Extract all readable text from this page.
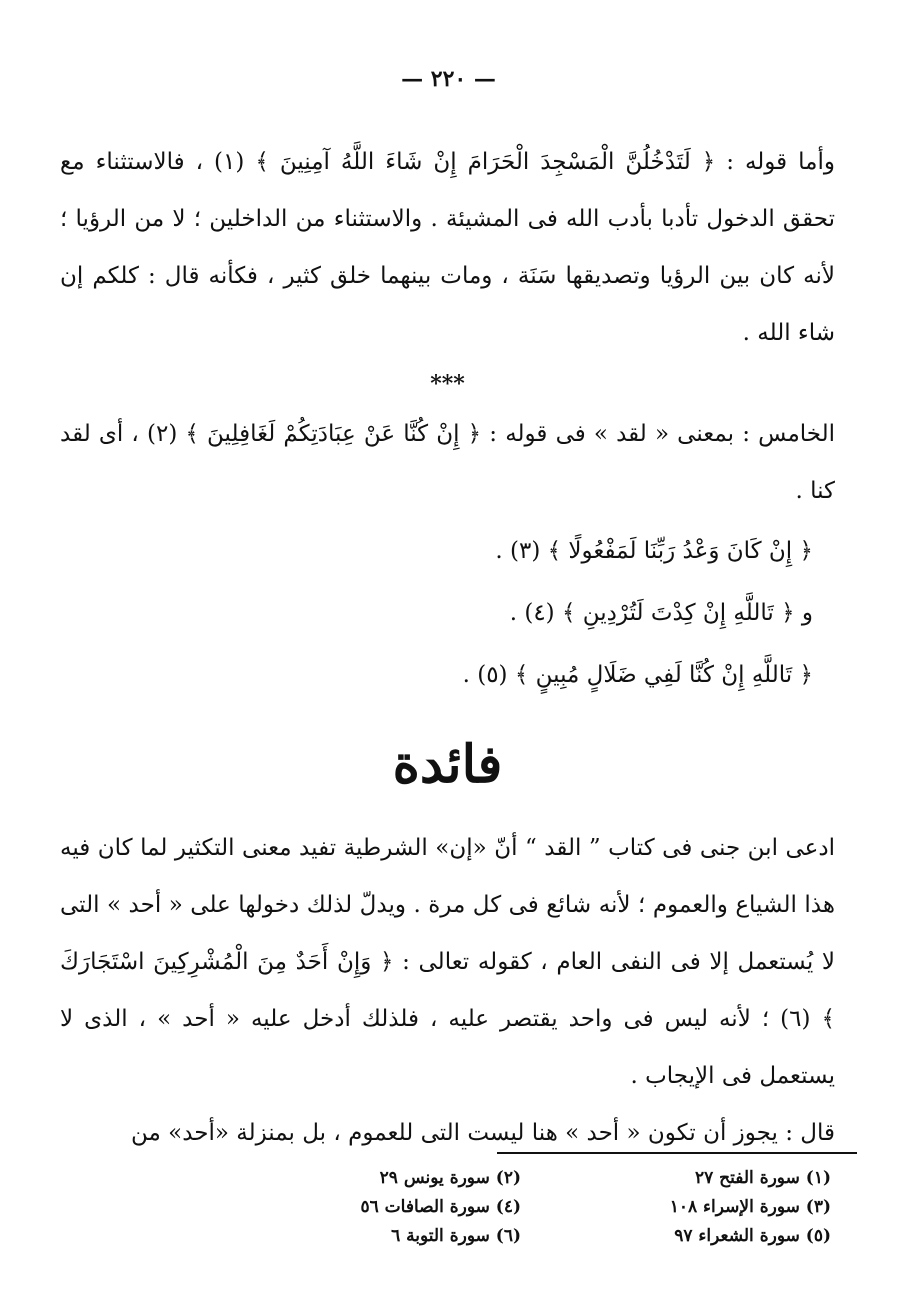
— ٢٢٠ —

وأما قوله : ﴿ لَتَدْخُلُنَّ الْمَسْجِدَ الْحَرَامَ إِنْ شَاءَ اللَّهُ آمِنِينَ ﴾ (١) ، فالاستثناء مع تحقق الدخول تأدبا بأدب الله فى المشيئة . والاستثناء من الداخلين ؛ لا من الرؤيا ؛ لأنه كان بين الرؤيا وتصديقها سَنَة ، ومات بينهما خلق كثير ، فكأنه قال : كلكم إن شاء الله .

***

الخامس : بمعنى « لقد » فى قوله : ﴿ إِنْ كُنَّا عَنْ عِبَادَتِكُمْ لَغَافِلِينَ ﴾ (٢) ، أى لقد كنا .

﴿ إِنْ كَانَ وَعْدُ رَبِّنَا لَمَفْعُولًا ﴾ (٣) .

و ﴿ تَاللَّهِ إِنْ كِدْتَ لَتُرْدِينِ ﴾ (٤) .

﴿ تَاللَّهِ إِنْ كُنَّا لَفِي ضَلَالٍ مُبِينٍ ﴾ (٥) .

فائدة

ادعى ابن جنى فى كتاب ” القد “ أنّ «إن» الشرطية تفيد معنى التكثير لما كان فيه هذا الشياع والعموم ؛ لأنه شائع فى كل مرة . ويدلّ لذلك دخولها على « أحد » التى لا يُستعمل إلا فى النفى العام ، كقوله تعالى : ﴿ وَإِنْ أَحَدٌ مِنَ الْمُشْرِكِينَ اسْتَجَارَكَ ﴾ (٦) ؛ لأنه ليس فى واحد يقتصر عليه ، فلذلك أدخل عليه « أحد » ، الذى لا يستعمل فى الإيجاب .

قال : يجوز أن تكون « أحد » هنا ليست التى للعموم ، بل بمنزلة «أحد» من

(١) سورة الفتح ٢٧
(٢) سورة يونس ٢٩
(٣) سورة الإسراء ١٠٨
(٤) سورة الصافات ٥٦
(٥) سورة الشعراء ٩٧
(٦) سورة التوبة ٦
